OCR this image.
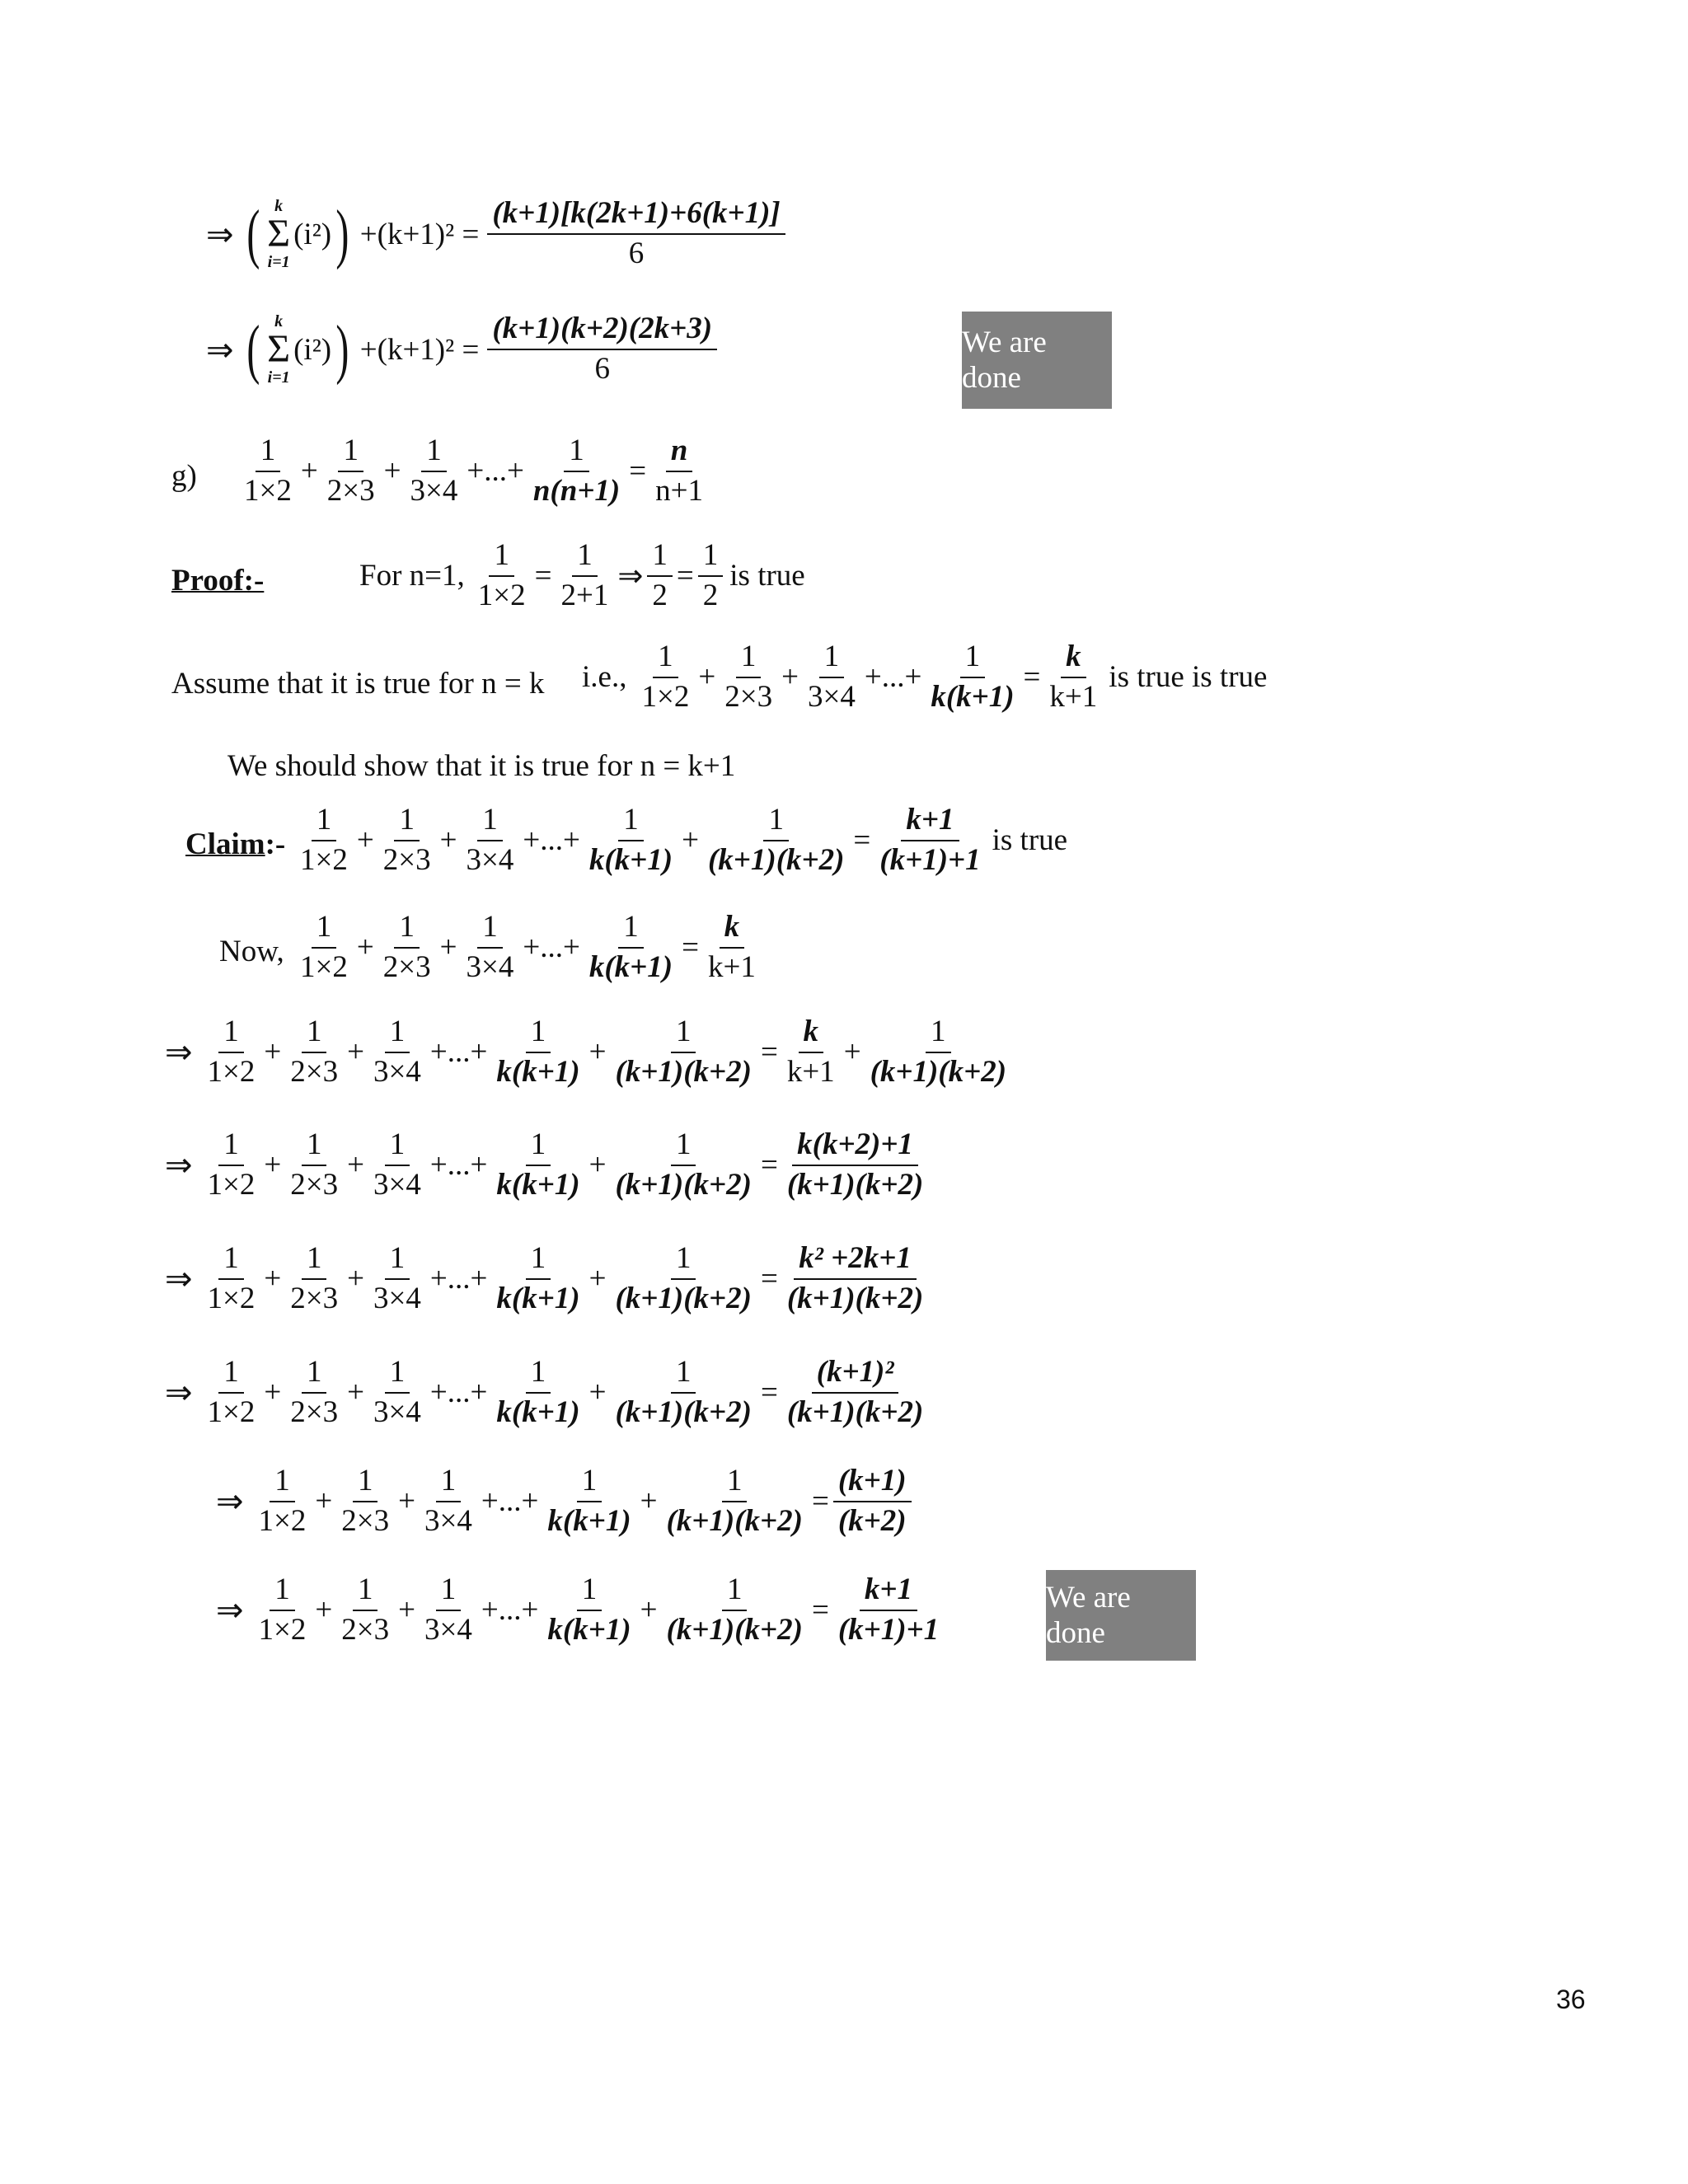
⇒ ( k
Σ
i=1
(i²) ) $+(k+1)^2 = \frac{(k+1)[k(2k+1)+6(k+1)]}{6}$
⇒ ( k
Σ
i=1
(i²) ) $+(k+1)^2 = \frac{(k+1)(k+2)(2k+3)}{6}$	We are done
g)
1
1×2
+ $\frac{1}{2\times 3} + \frac{1}{3\times 4}$ +...+ $\frac{1}{n(n+1)} = \frac{n}{n+1}$
Proof:-	For n=1, $\frac{1}{1\times 2} = \frac{1}{2+1}$ ⇒ $\frac{1}{2} = \frac{1}{2}$ is true
Assume that it is true for n = k i.e.,
1
1×2
+ $\frac{1}{2\times 3} + \frac{1}{3\times 4}$ +...+ $\frac{1}{k(k+1)} = \frac{k}{k+1}$ is true is true
We should show that it is true for n = k+1
Claim:-
1
1×2
+ $\frac{1}{2\times 3} + \frac{1}{3\times 4}$ +...+ $\frac{1}{k(k+1)} + \frac{1}{(k+1)(k+2)} = \frac{k+1}{(k+1)+1}$ is true
Now,
1
1×2
+ $\frac{1}{2\times 3} + \frac{1}{3\times 4}$ +...+ $\frac{1}{k(k+1)} = \frac{k}{k+1}$
⇒
1
1×2
+ $\frac{1}{2\times 3} + \frac{1}{3\times 4}$ +...+ $\frac{1}{k(k+1)} + \frac{1}{(k+1)(k+2)} = \frac{k}{k+1} + \frac{1}{(k+1)(k+2)}$
⇒
1
1×2
+ $\frac{1}{2\times 3} + \frac{1}{3\times 4}$ +...+ $\frac{1}{k(k+1)} + \frac{1}{(k+1)(k+2)} = \frac{k(k+2)+1}{(k+1)(k+2)}$
⇒
1
1×2
+ $\frac{1}{2\times 3} + \frac{1}{3\times 4}$ +...+ $\frac{1}{k(k+1)} + \frac{1}{(k+1)(k+2)} = \frac{\text{k² +2k+1}}{(k+1)(k+2)}$
⇒
1
1×2
+ $\frac{1}{2\times 3} + \frac{1}{3\times 4}$ +...+ $\frac{1}{k(k+1)} + \frac{1}{(k+1)(k+2)} = \frac{\text{(k+1)²}}{(k+1)(k+2)}$
⇒
1
1×2
+ $\frac{1}{2\times 3} + \frac{1}{3\times 4}$ +...+ $\frac{1}{k(k+1)} + \frac{1}{(k+1)(k+2)} = \frac{(k+1)}{(k+2)}$
⇒
1
1×2
+ $\frac{1}{2\times 3} + \frac{1}{3\times 4}$ +...+ $\frac{1}{k(k+1)} + \frac{1}{(k+1)(k+2)} = \frac{k+1}{(k+1)+1}$	We are done
36
